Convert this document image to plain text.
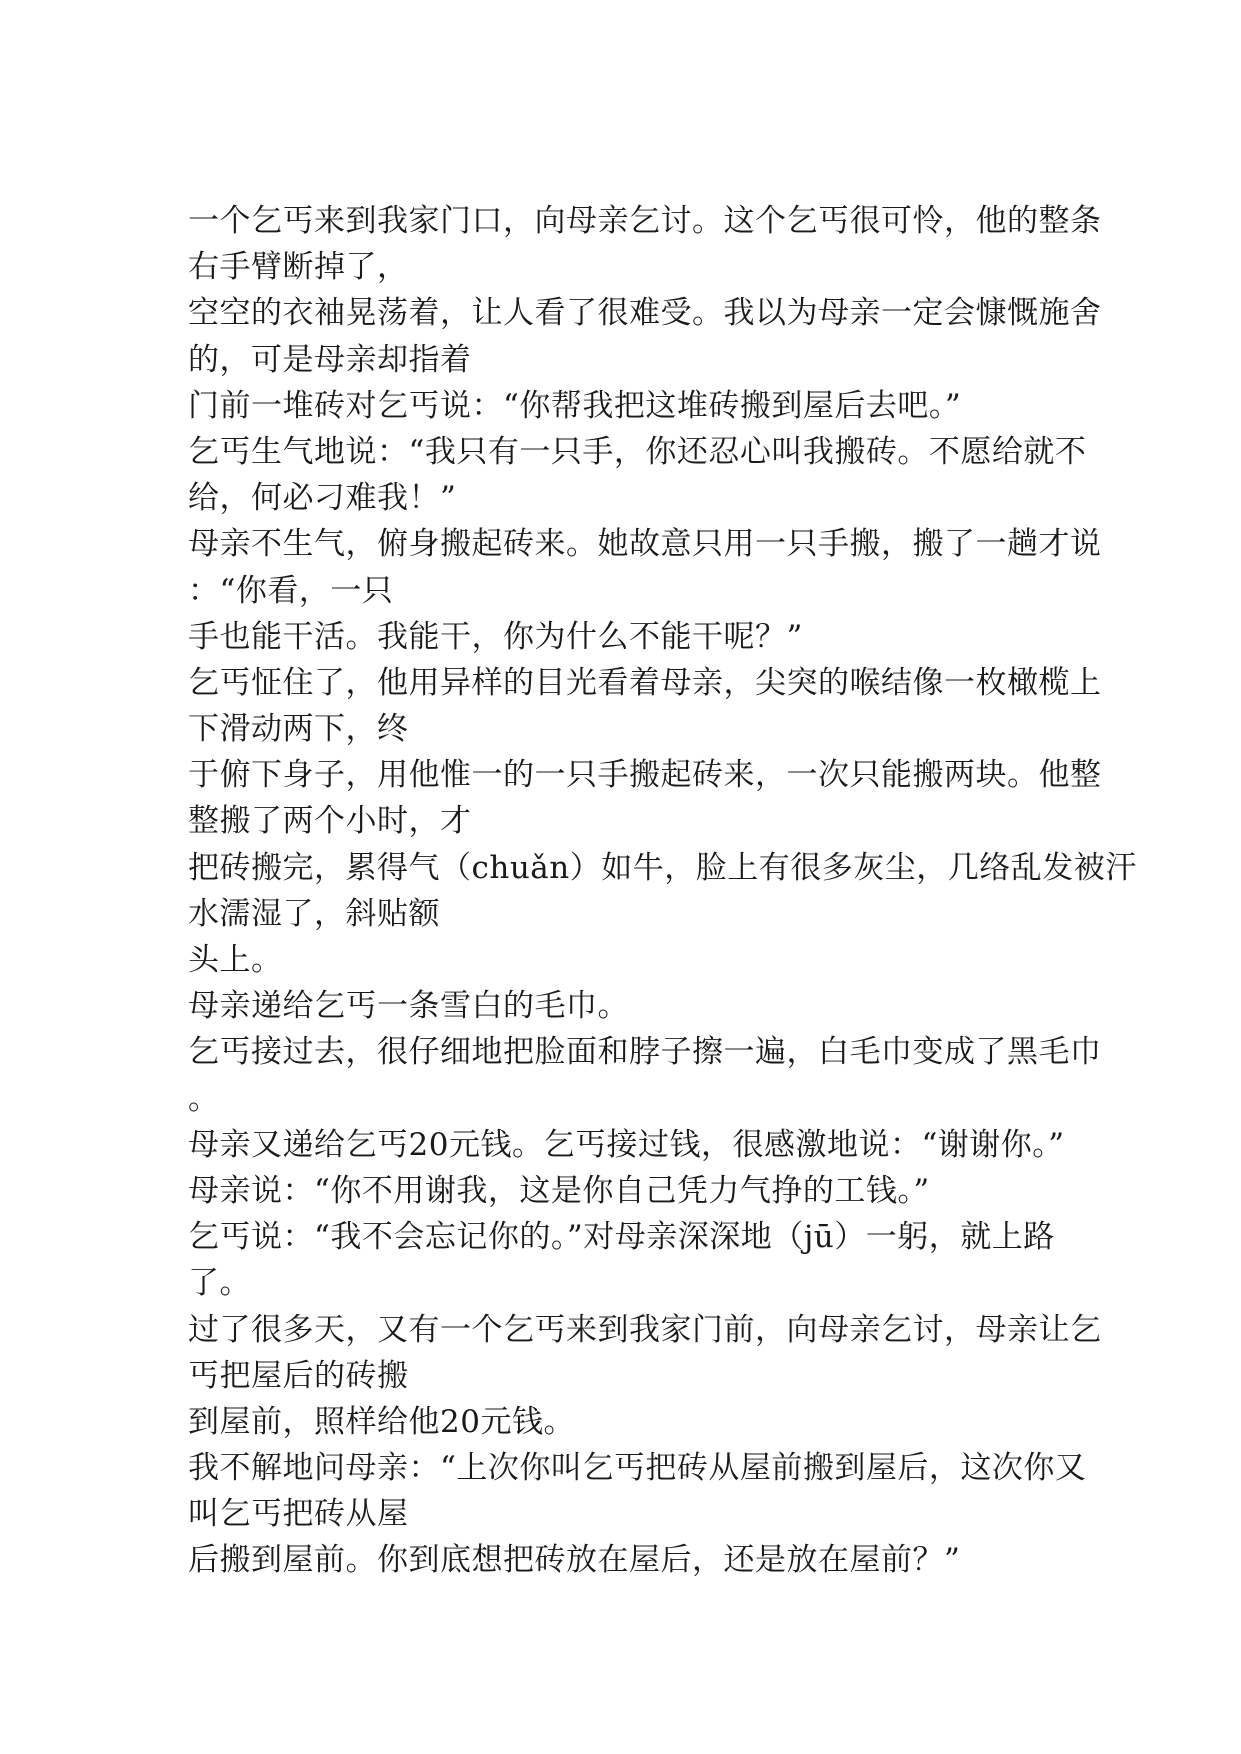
一个乞丐来到我家门口，向母亲乞讨。这个乞丐很可怜，他的整条
右手臂断掉了，
空空的衣袖晃荡着，让人看了很难受。我以为母亲一定会慷慨施舍
的，可是母亲却指着
门前一堆砖对乞丐说：“你帮我把这堆砖搬到屋后去吧。”
乞丐生气地说：“我只有一只手，你还忍心叫我搬砖。不愿给就不
给，何必刁难我！”
母亲不生气，俯身搬起砖来。她故意只用一只手搬，搬了一趟才说
：“你看，一只
手也能干活。我能干，你为什么不能干呢？”
乞丐怔住了，他用异样的目光看着母亲，尖突的喉结像一枚橄榄上
下滑动两下，终
于俯下身子，用他惟一的一只手搬起砖来，一次只能搬两块。他整
整搬了两个小时，才
把砖搬完，累得气（chuǎn）如牛，脸上有很多灰尘，几络乱发被汗
水濡湿了，斜贴额
头上。
母亲递给乞丐一条雪白的毛巾。
乞丐接过去，很仔细地把脸面和脖子擦一遍，白毛巾变成了黑毛巾
。
母亲又递给乞丐20元钱。乞丐接过钱，很感激地说：“谢谢你。”
母亲说：“你不用谢我，这是你自己凭力气挣的工钱。”
乞丐说：“我不会忘记你的。”对母亲深深地（jū）一躬，就上路
了。
过了很多天，又有一个乞丐来到我家门前，向母亲乞讨，母亲让乞
丐把屋后的砖搬
到屋前，照样给他20元钱。
我不解地问母亲：“上次你叫乞丐把砖从屋前搬到屋后，这次你又
叫乞丐把砖从屋
后搬到屋前。你到底想把砖放在屋后，还是放在屋前？”
